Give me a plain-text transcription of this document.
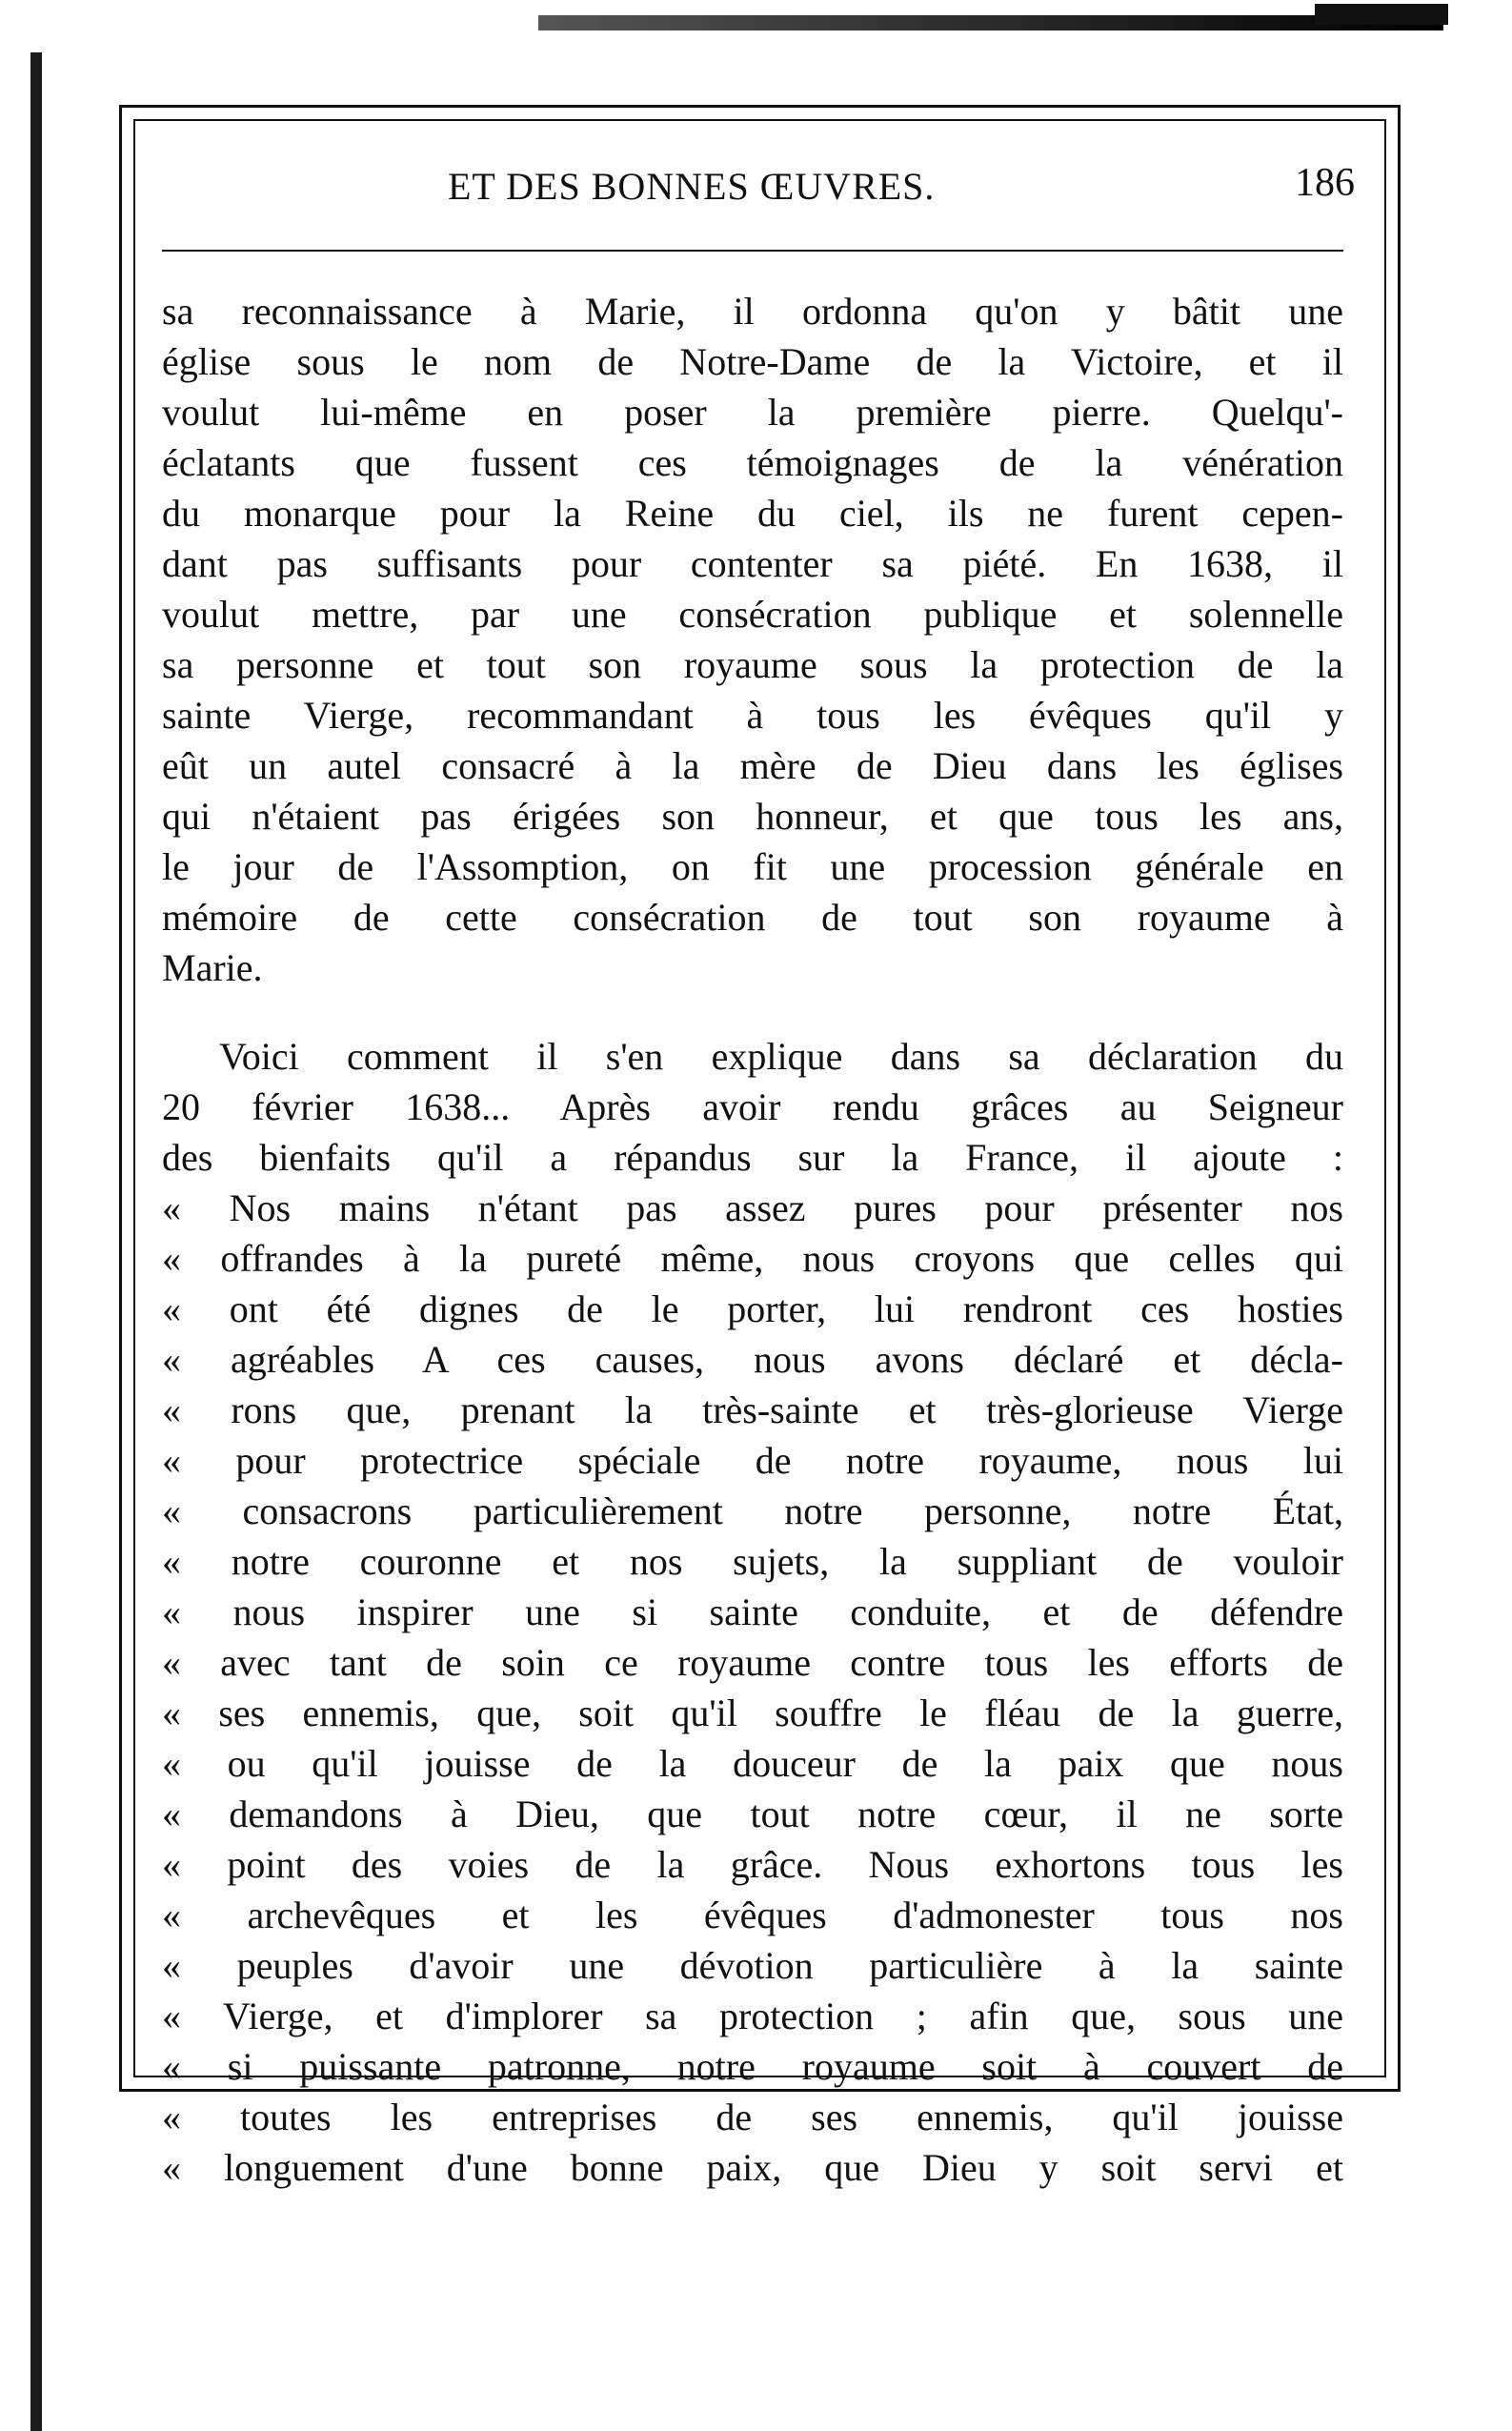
ET DES BONNES ŒUVRES.	186
sa reconnaissance à Marie, il ordonna qu'on y bâtit une
église sous le nom de Notre-Dame de la Victoire, et il
voulut lui-même en poser la première pierre. Quelqu'-
éclatants que fussent ces témoignages de la vénération
du monarque pour la Reine du ciel, ils ne furent cepen-
dant pas suffisants pour contenter sa piété. En 1638, il
voulut mettre, par une consécration publique et solennelle
sa personne et tout son royaume sous la protection de la
sainte Vierge, recommandant à tous les évêques qu'il y
eût un autel consacré à la mère de Dieu dans les églises
qui n'étaient pas érigées son honneur, et que tous les ans,
le jour de l'Assomption, on fit une procession générale en
mémoire de cette consécration de tout son royaume à
Marie.
Voici comment il s'en explique dans sa déclaration du
20 février 1638... Après avoir rendu grâces au Seigneur
des bienfaits qu'il a répandus sur la France, il ajoute :
« Nos mains n'étant pas assez pures pour présenter nos
« offrandes à la pureté même, nous croyons que celles qui
« ont été dignes de le porter, lui rendront ces hosties
« agréables A ces causes, nous avons déclaré et décla-
« rons que, prenant la très-sainte et très-glorieuse Vierge
« pour protectrice spéciale de notre royaume, nous lui
« consacrons particulièrement notre personne, notre État,
« notre couronne et nos sujets, la suppliant de vouloir
« nous inspirer une si sainte conduite, et de défendre
« avec tant de soin ce royaume contre tous les efforts de
« ses ennemis, que, soit qu'il souffre le fléau de la guerre,
« ou qu'il jouisse de la douceur de la paix que nous
« demandons à Dieu, que tout notre cœur, il ne sorte
« point des voies de la grâce. Nous exhortons tous les
« archevêques et les évêques d'admonester tous nos
« peuples d'avoir une dévotion particulière à la sainte
« Vierge, et d'implorer sa protection ; afin que, sous une
« si puissante patronne, notre royaume soit à couvert de
« toutes les entreprises de ses ennemis, qu'il jouisse
« longuement d'une bonne paix, que Dieu y soit servi et
